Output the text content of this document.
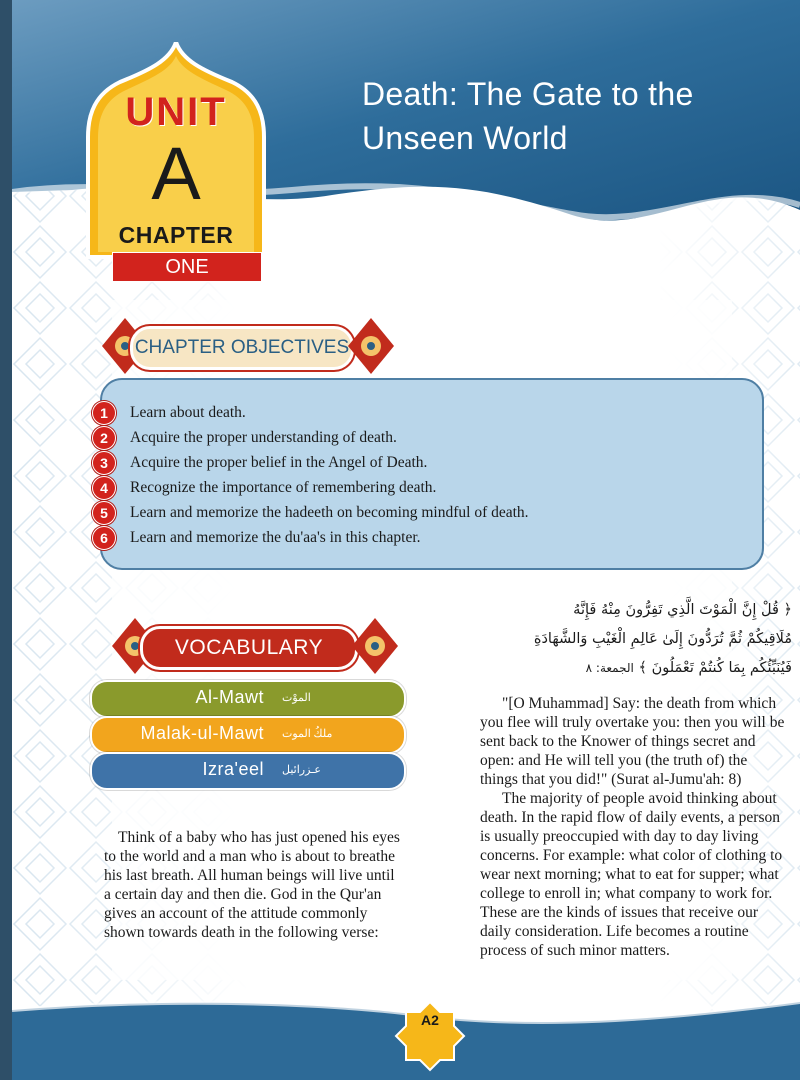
Death: The Gate to the Unseen World
UNIT
A
CHAPTER
ONE
CHAPTER OBJECTIVES
1	Learn about death.
2	Acquire the proper understanding of death.
3	Acquire the proper belief in the Angel of Death.
4	Recognize the importance of remembering death.
5	Learn and memorize the hadeeth on becoming mindful of death.
6	Learn and memorize the du'aa's in this chapter.
VOCABULARY
Al-Mawt الموْت
Malak-ul-Mawt ملكُ الموت
Izra'eel عـزرائيل

Think of a baby who has just opened his eyes to the world and a man who is about to breathe his last breath. All human beings will live until a certain day and then die. God in the Qur'an gives an account of the attitude commonly shown towards death in the following verse:

﴿ قُلْ إِنَّ الْمَوْتَ الَّذِي تَفِرُّونَ مِنْهُ فَإِنَّهُ
مُلَاقِيكُمْ ثُمَّ تُرَدُّونَ إِلَىٰ عَالِمِ الْغَيْبِ وَالشَّهَادَةِ
فَيُنَبِّئُكُم بِمَا كُنتُمْ تَعْمَلُونَ ﴾ الجمعة: ٨

"[O Muhammad] Say: the death from which you flee will truly overtake you: then you will be sent back to the Knower of things secret and open: and He will tell you (the truth of) the things that you did!" (Surat al-Jumu'ah: 8)

The majority of people avoid thinking about death. In the rapid flow of daily events, a person is usually preoccupied with day to day living concerns. For example: what color of clothing to wear next morning; what to eat for supper; what college to enroll in; what company to work for. These are the kinds of issues that receive our daily consideration. Life becomes a routine process of such minor matters.

A2
